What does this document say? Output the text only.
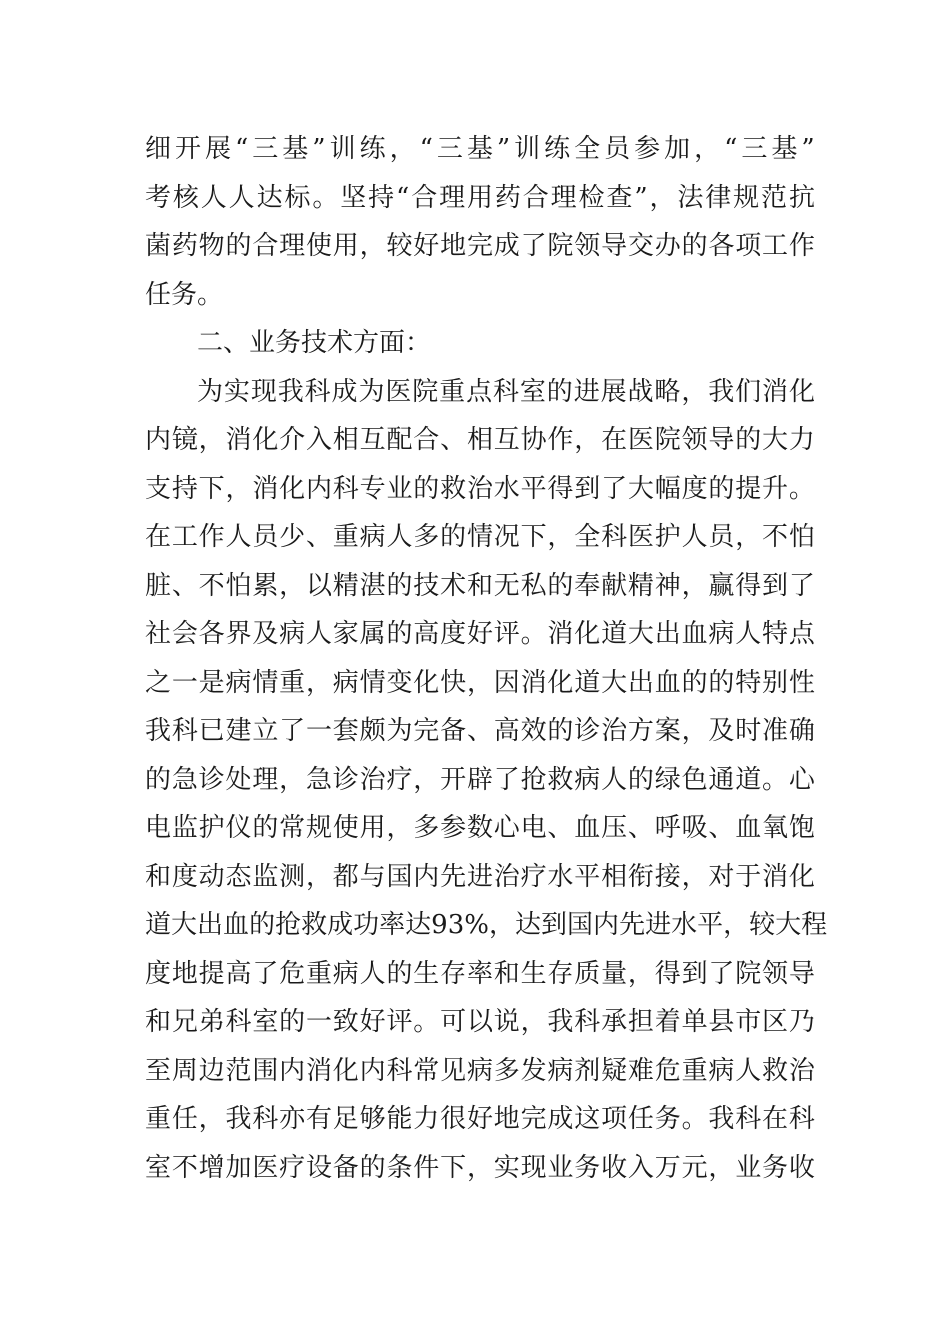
细 开 展 “ 三 基 ” 训 练 ， “ 三 基 ” 训 练 全 员 参 加 ， “ 三 基 ”
考 核 人 人 达 标 。 坚 持 “ 合 理 用 药 合 理 检 查 ” ， 法 律 规 范 抗
菌 药 物 的 合 理 使 用 ， 较 好 地 完 成 了 院 领 导 交 办 的 各 项 工 作
任务。
二、业务技术方面：
为 实 现 我 科 成 为 医 院 重 点 科 室 的 进 展 战 略 ， 我 们 消 化
内 镜 ， 消 化 介 入 相 互 配 合 、 相 互 协 作 ， 在 医 院 领 导 的 大 力
支 持 下 ， 消 化 内 科 专 业 的 救 治 水 平 得 到 了 大 幅 度 的 提 升 。
在 工 作 人 员 少 、 重 病 人 多 的 情 况 下 ， 全 科 医 护 人 员 ， 不 怕
脏 、 不 怕 累 ， 以 精 湛 的 技 术 和 无 私 的 奉 献 精 神 ， 赢 得 到 了
社 会 各 界 及 病 人 家 属 的 高 度 好 评 。 消 化 道 大 出 血 病 人 特 点
之 一 是 病 情 重 ， 病 情 变 化 快 ， 因 消 化 道 大 出 血 的 的 特 别 性
我 科 已 建 立 了 一 套 颇 为 完 备 、 高 效 的 诊 治 方 案 ， 及 时 准 确
的 急 诊 处 理 ， 急 诊 治 疗 ， 开 辟 了 抢 救 病 人 的 绿 色 通 道 。 心
电 监 护 仪 的 常 规 使 用 ， 多 参 数 心 电 、 血 压 、 呼 吸 、 血 氧 饱
和 度 动 态 监 测 ， 都 与 国 内 先 进 治 疗 水 平 相 衔 接 ， 对 于 消 化
道 大 出 血 的 抢 救 成 功 率 达 9 3 % ， 达 到 国 内 先 进 水 平 ， 较 大 程
度 地 提 高 了 危 重 病 人 的 生 存 率 和 生 存 质 量 ， 得 到 了 院 领 导
和 兄 弟 科 室 的 一 致 好 评 。 可 以 说 ， 我 科 承 担 着 单 县 市 区 乃
至 周 边 范 围 内 消 化 内 科 常 见 病 多 发 病 剂 疑 难 危 重 病 人 救 治
重 任 ， 我 科 亦 有 足 够 能 力 很 好 地 完 成 这 项 任 务 。 我 科 在 科
室 不 增 加 医 疗 设 备 的 条 件 下 ， 实 现 业 务 收 入 万 元 ， 业 务 收
